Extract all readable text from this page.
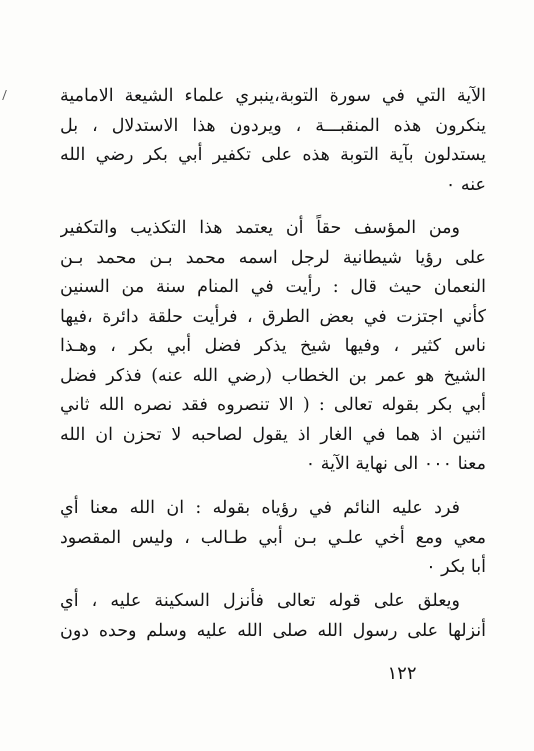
الآية التي في سورة التوبة،ينبري علماء الشيعة الامامية
ينكرون هذه المنقبـــة ، ويردون هذا الاستدلال ، بل
يستدلون بآية التوبة هذه على تكفير أبي بكر رضي الله
عنه ٠
ومن المؤسف حقاً أن يعتمد هذا التكذيب والتكفير
على رؤيا شيطانية لرجل اسمه محمد بـن محمد بـن
النعمان حيث قال : رأيت في المنام سنة من السنين
كأني اجتزت في بعض الطرق ، فرأيت حلقة دائرة ،فيها
ناس كثير ، وفيها شيخ يذكر فضل أبي بكر ، وهـذا
الشيخ هو عمر بن الخطاب (رضي الله عنه) فذكر فضل
أبي بكر بقوله تعالى : ( الا تنصروه فقد نصره الله ثاني
اثنين اذ هما في الغار اذ يقول لصاحبه لا تحزن ان الله
معنا ٠٠٠ الى نهاية الآية ٠
فرد عليه النائم في رؤياه بقوله : ان الله معنا أي
معي ومع أخي علـي بـن أبي طـالب ، وليس المقصود
أبا بكر ٠
ويعلق على قوله تعالى فأنزل السكينة عليه ، أي
أنزلها على رسول الله صلى الله عليه وسلم وحده دون
١٢٢
